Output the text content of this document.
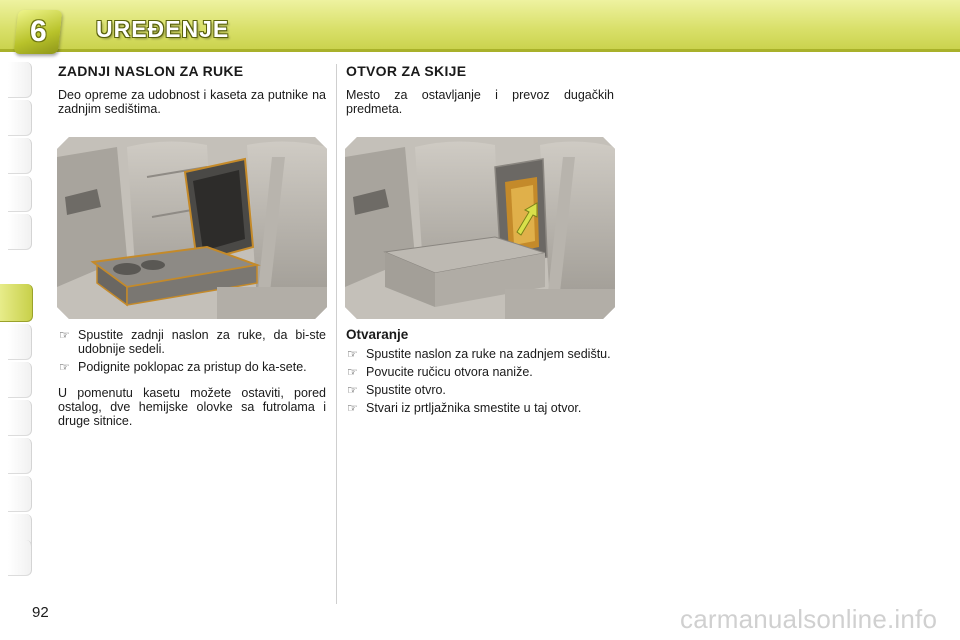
6 UREĐENJE
ZADNJI NASLON ZA RUKE
Deo opreme za udobnost i kaseta za putnike na zadnjim sedištima.
☞ Spustite zadnji naslon za ruke, da bi-ste udobnije sedeli.
☞ Podignite poklopac za pristup do ka-sete.
U pomenutu kasetu možete ostaviti, pored ostalog, dve hemijske olovke sa futrolama i druge sitnice.
OTVOR ZA SKIJE
Mesto za ostavljanje i prevoz dugačkih predmeta.
Otvaranje
☞ Spustite naslon za ruke na zadnjem sedištu.
☞ Povucite ručicu otvora naniže.
☞ Spustite otvro.
☞ Stvari iz prtljažnika smestite u taj otvor.
92	carmanualsonline.info
